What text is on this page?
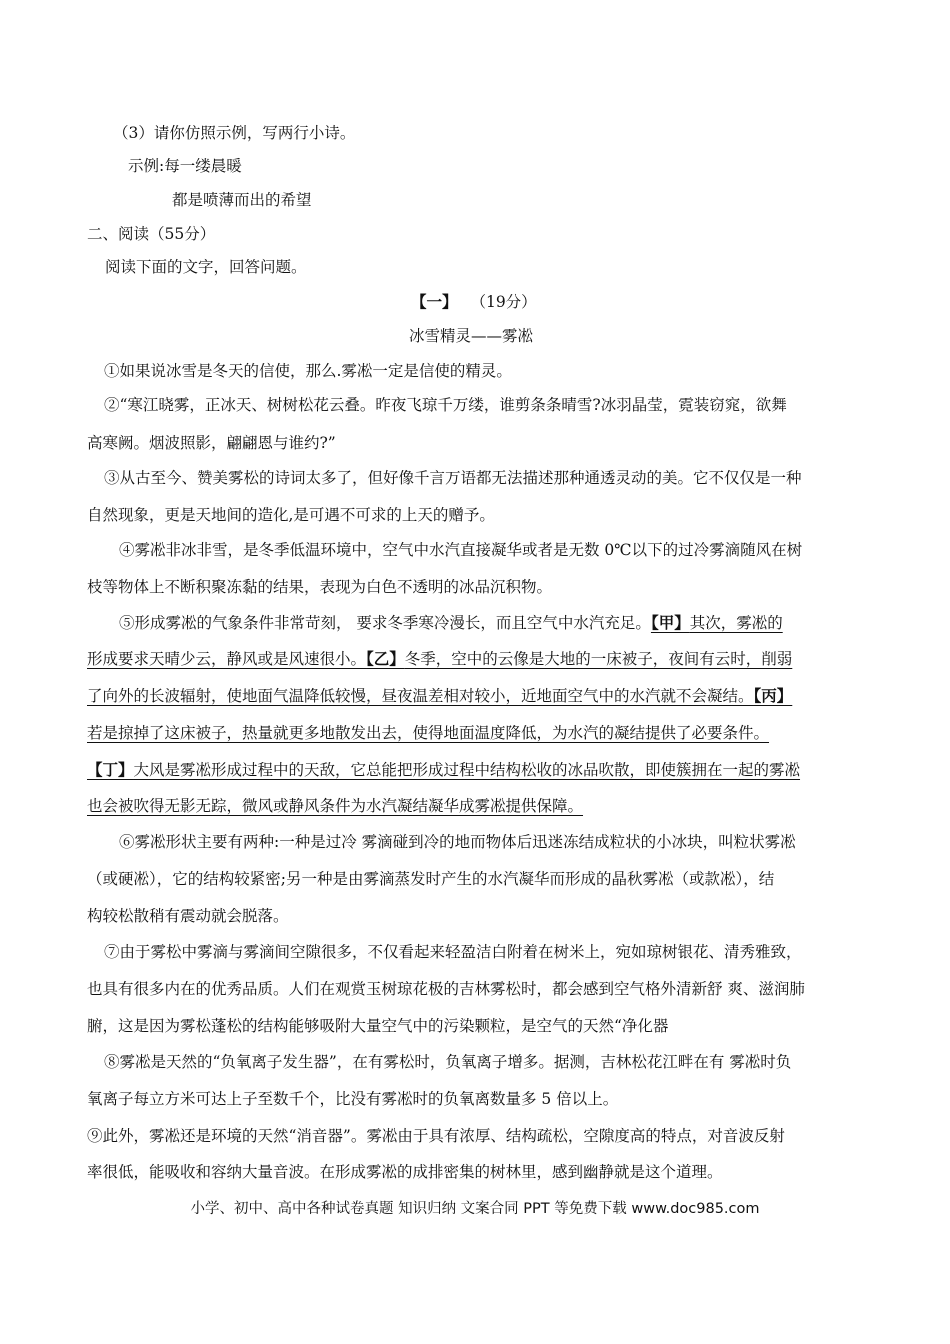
（3）请你仿照示例，写两行小诗。
示例:每一缕晨暖
都是喷薄而出的希望
二、阅读（55分）
阅读下面的文字，回答问题。
【一】 （19分）
冰雪精灵——雾凇
①如果说冰雪是冬天的信使，那么.雾凇一定是信使的精灵。
②“寒江晓雾，正冰天、树树松花云叠。昨夜飞琼千万缕，谁剪条条晴雪?冰羽晶莹，霓装窃窕，欲舞
高寒阙。烟波照影，翩翩恩与谁约?”
③从古至今、赞美雾松的诗词太多了，但好像千言万语都无法描述那种通透灵动的美。它不仅仅是一种
自然现象，更是天地间的造化,是可遇不可求的上天的赠予。
④雾凇非冰非雪，是冬季低温环境中，空气中水汽直接凝华或者是无数 0℃以下的过冷雾滴随风在树
枝等物体上不断积聚冻黏的结果，表现为白色不透明的冰品沉积物。
⑤形成雾凇的气象条件非常苛刻， 要求冬季寒冷漫长，而且空气中水汽充足。【甲】其次，雾凇的
形成要求天晴少云，静风或是风速很小。【乙】冬季，空中的云像是大地的一床被子，夜间有云时，削弱
了向外的长波辐射，使地面气温降低较慢，昼夜温差相对较小，近地面空气中的水汽就不会凝结。【丙】
若是掠掉了这床被子，热量就更多地散发出去，使得地面温度降低，为水汽的凝结提供了必要条件。
【丁】大风是雾凇形成过程中的天敌，它总能把形成过程中结构松收的冰品吹散，即使簇拥在一起的雾凇
也会被吹得无影无踪，微风或静风条件为水汽凝结凝华成雾凇提供保障。
⑥雾凇形状主要有两种:一种是过冷 雾滴碰到冷的地而物体后迅迷冻结成粒状的小冰块，叫粒状雾凇
（或硬凇），它的结构较紧密;另一种是由雾滴蒸发时产生的水汽凝华而形成的晶秋雾凇（或款凇），结
构较松散稍有震动就会脱落。
⑦由于雾松中雾滴与雾滴间空隙很多，不仅看起来轻盈洁白附着在树米上，宛如琼树银花、清秀雅致，
也具有很多内在的优秀品质。人们在观赏玉树琼花极的吉林雾松时，都会感到空气格外清新舒 爽、滋润肺
腑，这是因为雾松蓬松的结构能够吸附大量空气中的污染颗粒，是空气的天然“净化器
⑧雾凇是天然的“负氧离子发生器”，在有雾松时，负氧离子增多。据测，吉林松花江畔在有 雾凇时负
氧离子每立方米可达上子至数千个，比没有雾凇时的负氧离数量多 5 倍以上。
⑨此外，雾凇还是环境的天然“消音器”。雾凇由于具有浓厚、结构疏松，空隙度高的特点，对音波反射
率很低，能吸收和容纳大量音波。在形成雾凇的成排密集的树林里，感到幽静就是这个道理。
小学、初中、高中各种试卷真题 知识归纳 文案合同 PPT 等免费下载 www.doc985.com
